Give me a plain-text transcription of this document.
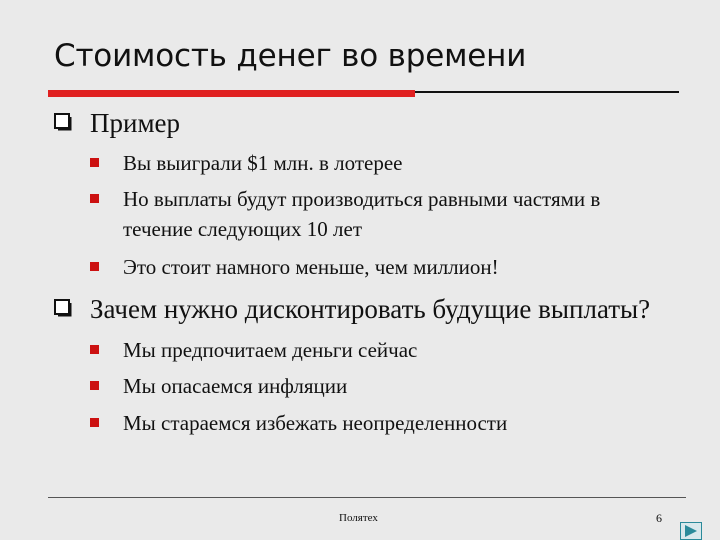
Стоимость денег во времени
Пример
Вы выиграли $1 млн. в лотерее
Но выплаты будут производиться равными частями в
течение следующих 10 лет
Это стоит намного меньше, чем миллион!
Зачем нужно дисконтировать будущие выплаты?
Мы предпочитаем деньги сейчас
Мы опасаемся инфляции
Мы стараемся избежать неопределенности
Полятех	6
